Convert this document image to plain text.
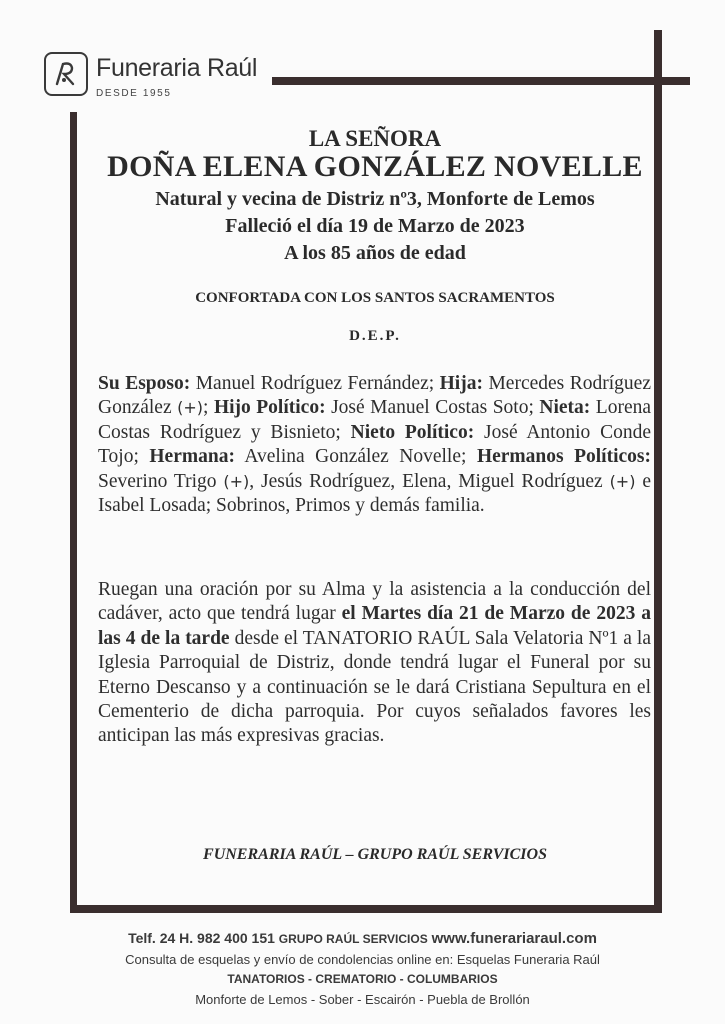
Funeraria Raúl
DESDE 1955
LA SEÑORA
DOÑA ELENA GONZÁLEZ NOVELLE
Natural y vecina de Distriz nº3, Monforte de Lemos
Falleció el día 19 de Marzo de 2023
A los 85 años de edad
CONFORTADA CON LOS SANTOS SACRAMENTOS
D.E.P.

Su Esposo: Manuel Rodríguez Fernández; Hija: Mercedes Rodríguez González (+); Hijo Político: José Manuel Costas Soto; Nieta: Lorena Costas Rodríguez y Bisnieto; Nieto Político: José Antonio Conde Tojo; Hermana: Avelina González Novelle; Hermanos Políticos: Severino Trigo (+), Jesús Rodríguez, Elena, Miguel Rodríguez (+) e Isabel Losada; Sobrinos, Primos y demás familia.

Ruegan una oración por su Alma y la asistencia a la conducción del cadáver, acto que tendrá lugar el Martes día 21 de Marzo de 2023 a las 4 de la tarde desde el TANATORIO RAÚL Sala Velatoria Nº1 a la Iglesia Parroquial de Distriz, donde tendrá lugar el Funeral por su Eterno Descanso y a continuación se le dará Cristiana Sepultura en el Cementerio de dicha parroquia. Por cuyos señalados favores les anticipan las más expresivas gracias.

FUNERARIA RAÚL – GRUPO RAÚL SERVICIOS
Telf. 24 H. 982 400 151 GRUPO RAÚL SERVICIOS www.funerariaraul.com
Consulta de esquelas y envío de condolencias online en: Esquelas Funeraria Raúl
TANATORIOS - CREMATORIO - COLUMBARIOS
Monforte de Lemos - Sober - Escairón - Puebla de Brollón
